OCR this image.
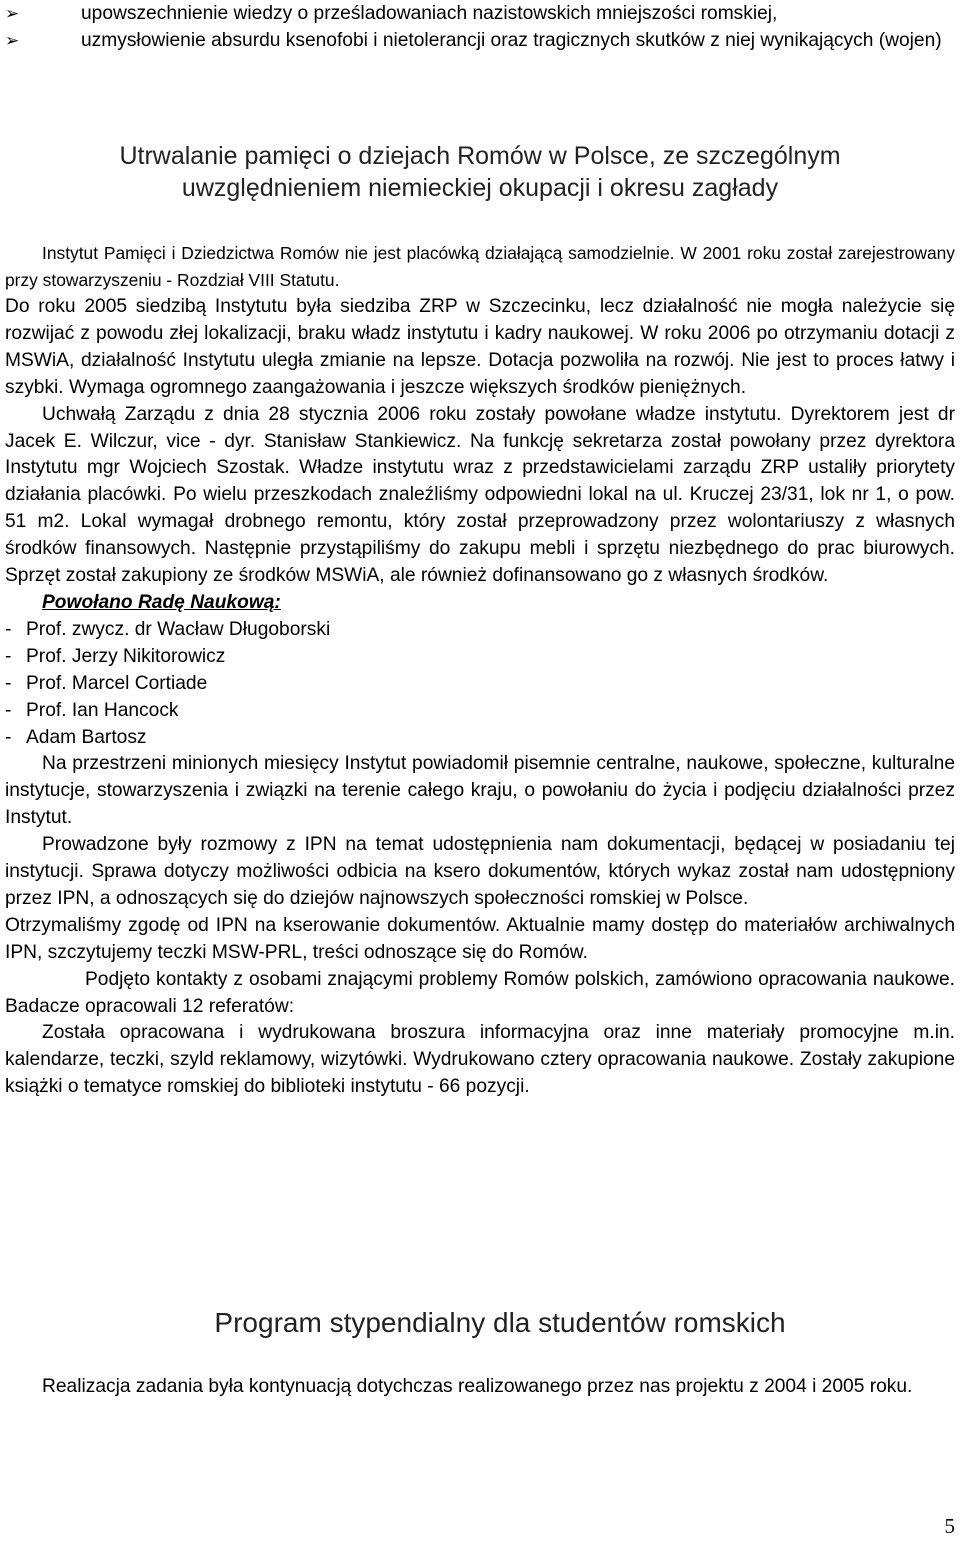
➢	upowszechnienie wiedzy o prześladowaniach nazistowskich mniejszości romskiej,
➢	uzmysłowienie absurdu ksenofobi i nietolerancji oraz tragicznych skutków z niej wynikających (wojen)
Utrwalanie pamięci o dziejach Romów w Polsce, ze szczególnym
uwzględnieniem niemieckiej okupacji i okresu zagłady

Instytut Pamięci i Dziedzictwa Romów nie jest placówką działającą samodzielnie. W 2001 roku został zarejestrowany przy stowarzyszeniu - Rozdział VIII Statutu.

Do roku 2005 siedzibą Instytutu była siedziba ZRP w Szczecinku, lecz działalność nie mogła należycie się rozwijać z powodu złej lokalizacji, braku władz instytutu i kadry naukowej. W roku 2006 po otrzymaniu dotacji z MSWiA, działalność Instytutu uległa zmianie na lepsze. Dotacja pozwoliła na rozwój. Nie jest to proces łatwy i szybki. Wymaga ogromnego zaangażowania i jeszcze większych środków pieniężnych.

Uchwałą Zarządu z dnia 28 stycznia 2006 roku zostały powołane władze instytutu. Dyrektorem jest dr Jacek E. Wilczur, vice - dyr. Stanisław Stankiewicz. Na funkcję sekretarza został powołany przez dyrektora Instytutu mgr Wojciech Szostak. Władze instytutu wraz z przedstawicielami zarządu ZRP ustaliły priorytety działania placówki. Po wielu przeszkodach znaleźliśmy odpowiedni lokal na ul. Kruczej 23/31, lok nr 1, o pow. 51 m2. Lokal wymagał drobnego remontu, który został przeprowadzony przez wolontariuszy z własnych środków finansowych. Następnie przystąpiliśmy do zakupu mebli i sprzętu niezbędnego do prac biurowych. Sprzęt został zakupiony ze środków MSWiA, ale również dofinansowano go z własnych środków.

Powołano Radę Naukową:
- Prof. zwycz. dr Wacław Długoborski
- Prof. Jerzy Nikitorowicz
- Prof. Marcel Cortiade
- Prof. Ian Hancock
- Adam Bartosz

Na przestrzeni minionych miesięcy Instytut powiadomił pisemnie centralne, naukowe, społeczne, kulturalne instytucje, stowarzyszenia i związki na terenie całego kraju, o powołaniu do życia i podjęciu działalności przez Instytut.

Prowadzone były rozmowy z IPN na temat udostępnienia nam dokumentacji, będącej w posiadaniu tej instytucji. Sprawa dotyczy możliwości odbicia na ksero dokumentów, których wykaz został nam udostępniony przez IPN, a odnoszących się do dziejów najnowszych społeczności romskiej w Polsce.

Otrzymaliśmy zgodę od IPN na kserowanie dokumentów. Aktualnie mamy dostęp do materiałów archiwalnych IPN, szczytujemy teczki MSW-PRL, treści odnoszące się do Romów.

Podjęto kontakty z osobami znającymi problemy Romów polskich, zamówiono opracowania naukowe. Badacze opracowali 12 referatów:

Została opracowana i wydrukowana broszura informacyjna oraz inne materiały promocyjne m.in. kalendarze, teczki, szyld reklamowy, wizytówki. Wydrukowano cztery opracowania naukowe. Zostały zakupione książki o tematyce romskiej do biblioteki instytutu - 66 pozycji.

Program stypendialny dla studentów romskich

Realizacja zadania była kontynuacją dotychczas realizowanego przez nas projektu z 2004 i 2005 roku.

5
